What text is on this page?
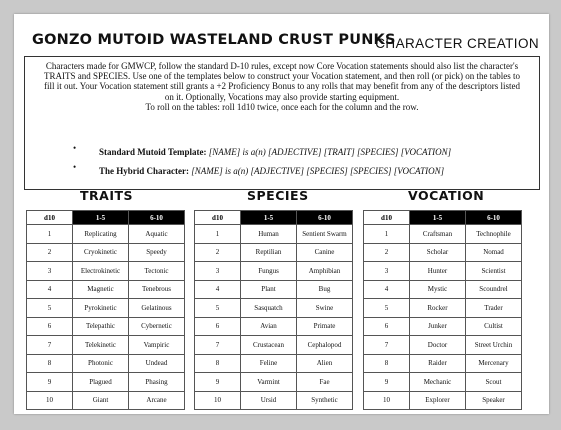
GONZO MUTOID WASTELAND CRUST PUNKS
CHARACTER CREATION

Characters made for GMWCP, follow the standard D-10 rules, except now Core Vocation statements should also list the character's TRAITS and SPECIES. Use one of the templates below to construct your Vocation statement, and then roll (or pick) on the tables to fill it out. Your Vocation statement still grants a +2 Proficiency Bonus to any rolls that may benefit from any of the descriptors listed on it. Optionally, Vocations may also provide starting equipment.

To roll on the tables: roll 1d10 twice, once each for the column and the row.

•	Standard Mutoid Template: [NAME] is a(n) [ADJECTIVE] [TRAIT] [SPECIES] [VOCATION]

•	The Hybrid Character: [NAME] is a(n) [ADJECTIVE] [SPECIES] [SPECIES] [VOCATION]

TRAITS	SPECIES	VOCATION
d10	1-5	6-10
1	Replicating	Aquatic
2	Cryokinetic	Speedy
3	Electrokinetic	Tectonic
4	Magnetic	Tenebrous
5	Pyrokinetic	Gelatinous
6	Telepathic	Cybernetic
7	Telekinetic	Vampiric
8	Photonic	Undead
9	Plagued	Phasing
10	Giant	Arcane
d10	1-5	6-10
1	Human	Sentient Swarm
2	Reptilian	Canine
3	Fungus	Amphibian
4	Plant	Bug
5	Sasquatch	Swine
6	Avian	Primate
7	Crustacean	Cephalopod
8	Feline	Alien
9	Varmint	Fae
10	Ursid	Synthetic
d10	1-5	6-10
1	Craftsman	Technophile
2	Scholar	Nomad
3	Hunter	Scientist
4	Mystic	Scoundrel
5	Rocker	Trader
6	Junker	Cultist
7	Doctor	Street Urchin
8	Raider	Mercenary
9	Mechanic	Scout
10	Explorer	Speaker
